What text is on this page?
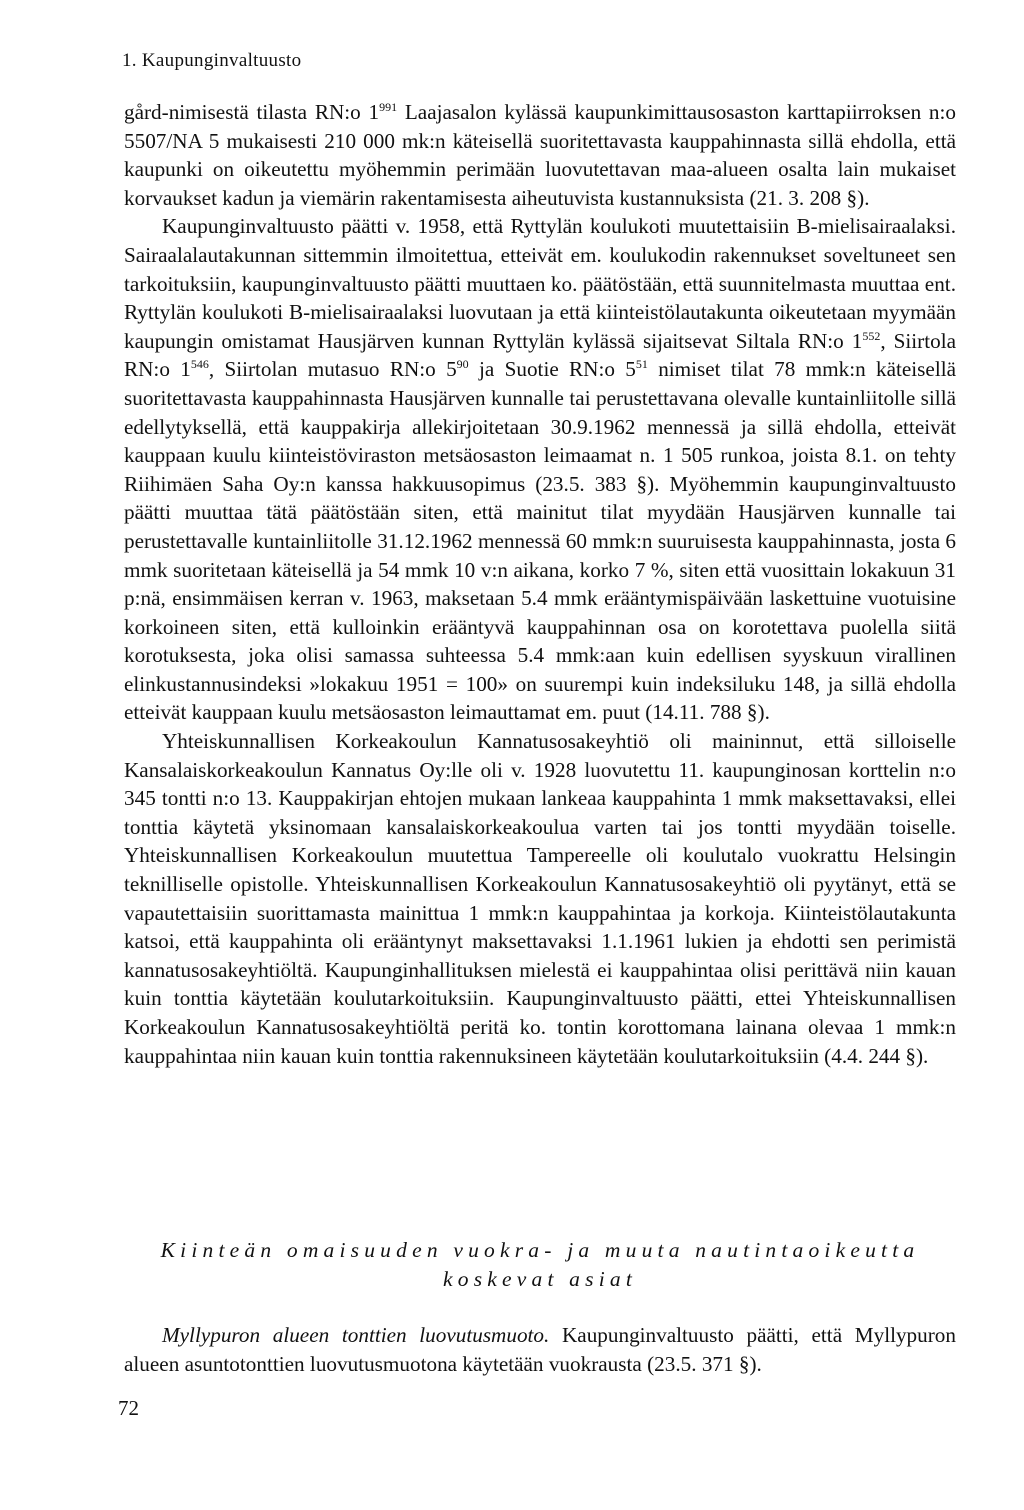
1. Kaupunginvaltuusto

gård-nimisestä tilasta RN:o $1^{991}$ Laajasalon kylässä kaupunkimittausosaston karttapiirroksen n:o 5507/NA 5 mukaisesti 210 000 mk:n käteisellä suoritettavasta kauppahinnasta sillä ehdolla, että kaupunki on oikeutettu myöhemmin perimään luovutettavan maa-alueen osalta lain mukaiset korvaukset kadun ja viemärin rakentamisesta aiheutuvista kustannuksista (21. 3. 208 §).

Kaupunginvaltuusto päätti v. 1958, että Ryttylän koulukoti muutettaisiin B-mielisairaalaksi. Sairaalalautakunnan sittemmin ilmoitettua, etteivät em. koulukodin rakennukset soveltuneet sen tarkoituksiin, kaupunginvaltuusto päätti muuttaen ko. päätöstään, että suunnitelmasta muuttaa ent. Ryttylän koulukoti B-mielisairaalaksi luovutaan ja että kiinteistölautakunta oikeutetaan myymään kaupungin omistamat Hausjärven kunnan Ryttylän kylässä sijaitsevat Siltala RN:o $1^{552}$, Siirtola RN:o $1^{546}$, Siirtolan mutasuo RN:o $5^{90}$ ja Suotie RN:o $5^{51}$ nimiset tilat 78 mmk:n käteisellä suoritettavasta kauppahinnasta Hausjärven kunnalle tai perustettavana olevalle kuntainliitolle sillä edellytyksellä, että kauppakirja allekirjoitetaan 30.9.1962 mennessä ja sillä ehdolla, etteivät kauppaan kuulu kiinteistöviraston metsäosaston leimaamat n. 1 505 runkoa, joista 8.1. on tehty Riihimäen Saha Oy:n kanssa hakkuusopimus (23.5. 383 §). Myöhemmin kaupunginvaltuusto päätti muuttaa tätä päätöstään siten, että mainitut tilat myydään Hausjärven kunnalle tai perustettavalle kuntainliitolle 31.12.1962 mennessä 60 mmk:n suuruisesta kauppahinnasta, josta 6 mmk suoritetaan käteisellä ja 54 mmk 10 v:n aikana, korko 7 %, siten että vuosittain lokakuun 31 p:nä, ensimmäisen kerran v. 1963, maksetaan 5.4 mmk erääntymispäivään laskettuine vuotuisine korkoineen siten, että kulloinkin erääntyvä kauppahinnan osa on korotettava puolella siitä korotuksesta, joka olisi samassa suhteessa 5.4 mmk:aan kuin edellisen syyskuun virallinen elinkustannusindeksi »lokakuu 1951 = 100» on suurempi kuin indeksiluku 148, ja sillä ehdolla etteivät kauppaan kuulu metsäosaston leimauttamat em. puut (14.11. 788 §).

Yhteiskunnallisen Korkeakoulun Kannatusosakeyhtiö oli maininnut, että silloiselle Kansalaiskorkeakoulun Kannatus Oy:lle oli v. 1928 luovutettu 11. kaupunginosan korttelin n:o 345 tontti n:o 13. Kauppakirjan ehtojen mukaan lankeaa kauppahinta 1 mmk maksettavaksi, ellei tonttia käytetä yksinomaan kansalaiskorkeakoulua varten tai jos tontti myydään toiselle. Yhteiskunnallisen Korkeakoulun muutettua Tampereelle oli koulutalo vuokrattu Helsingin teknilliselle opistolle. Yhteiskunnallisen Korkeakoulun Kannatusosakeyhtiö oli pyytänyt, että se vapautettaisiin suorittamasta mainittua 1 mmk:n kauppahintaa ja korkoja. Kiinteistölautakunta katsoi, että kauppahinta oli erääntynyt maksettavaksi 1.1.1961 lukien ja ehdotti sen perimistä kannatusosakeyhtiöltä. Kaupunginhallituksen mielestä ei kauppahintaa olisi perittävä niin kauan kuin tonttia käytetään koulutarkoituksiin. Kaupunginvaltuusto päätti, ettei Yhteiskunnallisen Korkeakoulun Kannatusosakeyhtiöltä peritä ko. tontin korottomana lainana olevaa 1 mmk:n kauppahintaa niin kauan kuin tonttia rakennuksineen käytetään koulutarkoituksiin (4.4. 244 §).

Kiinteän omaisuuden vuokra- ja muuta nautintaoikeutta
koskevat asiat

Myllypuron alueen tonttien luovutusmuoto. Kaupunginvaltuusto päätti, että Myllypuron alueen asuntotonttien luovutusmuotona käytetään vuokrausta (23.5. 371 §).

72
